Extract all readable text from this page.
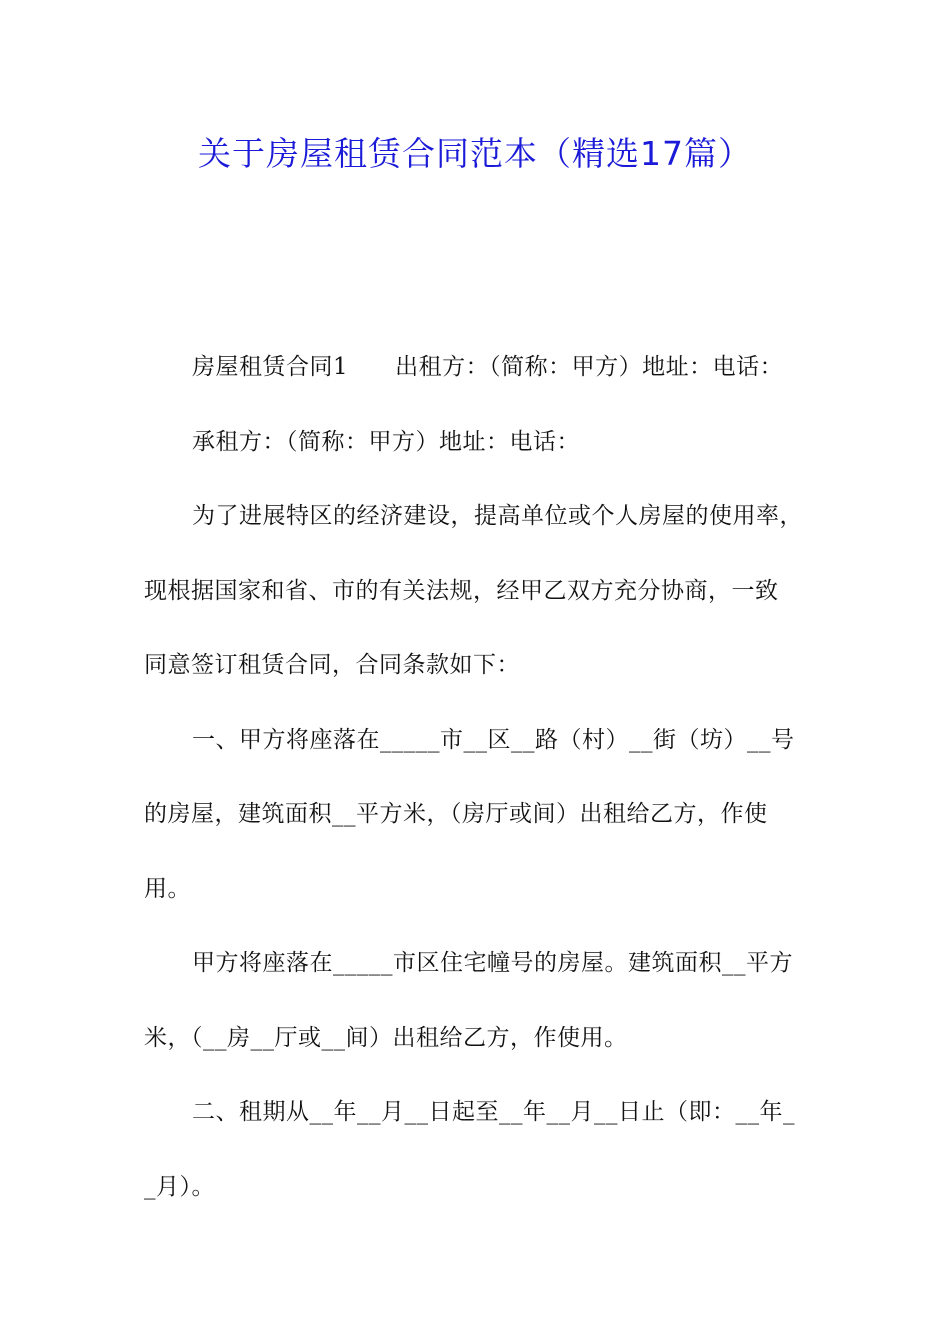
关于房屋租赁合同范本（精选17篇）
房屋租赁合同1　　出租方：（简称：甲方）地址：电话：
承租方：（简称：甲方）地址：电话：
为了进展特区的经济建设，提高单位或个人房屋的使用率，
现根据国家和省、市的有关法规，经甲乙双方充分协商，一致
同意签订租赁合同，合同条款如下：
一、甲方将座落在_____市__区__路（村）__街（坊）__号
的房屋，建筑面积__平方米，（房厅或间）出租给乙方，作使
用。
甲方将座落在_____市区住宅幢号的房屋。建筑面积__平方
米，（__房__厅或__间）出租给乙方，作使用。
二、租期从__年__月__日起至__年__月__日止（即：__年_
_月）。
